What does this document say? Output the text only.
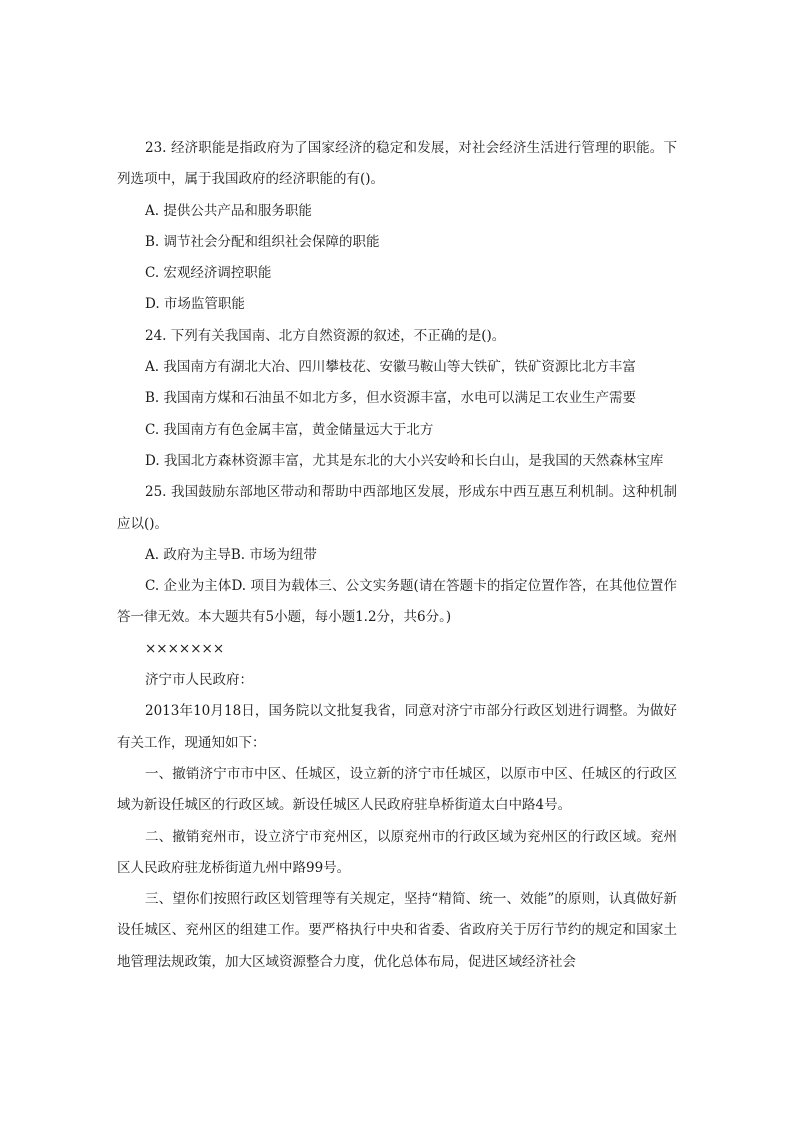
23. 经济职能是指政府为了国家经济的稳定和发展，对社会经济生活进行管理的职能。下列选项中，属于我国政府的经济职能的有()。

A. 提供公共产品和服务职能

B. 调节社会分配和组织社会保障的职能

C. 宏观经济调控职能

D. 市场监管职能

24. 下列有关我国南、北方自然资源的叙述，不正确的是()。

A. 我国南方有湖北大冶、四川攀枝花、安徽马鞍山等大铁矿，铁矿资源比北方丰富

B. 我国南方煤和石油虽不如北方多，但水资源丰富，水电可以满足工农业生产需要

C. 我国南方有色金属丰富，黄金储量远大于北方

D. 我国北方森林资源丰富，尤其是东北的大小兴安岭和长白山，是我国的天然森林宝库

25. 我国鼓励东部地区带动和帮助中西部地区发展，形成东中西互惠互利机制。这种机制应以()。

A. 政府为主导B. 市场为纽带

C. 企业为主体D. 项目为载体三、公文实务题(请在答题卡的指定位置作答，在其他位置作答一律无效。本大题共有5小题，每小题1.2分，共6分。)

×××××××

济宁市人民政府：

2013年10月18日，国务院以文批复我省，同意对济宁市部分行政区划进行调整。为做好有关工作，现通知如下：

一、撤销济宁市市中区、任城区，设立新的济宁市任城区，以原市中区、任城区的行政区域为新设任城区的行政区域。新设任城区人民政府驻阜桥街道太白中路4号。

二、撤销兖州市，设立济宁市兖州区，以原兖州市的行政区域为兖州区的行政区域。兖州区人民政府驻龙桥街道九州中路99号。

三、望你们按照行政区划管理等有关规定，坚持“精简、统一、效能”的原则，认真做好新设任城区、兖州区的组建工作。要严格执行中央和省委、省政府关于厉行节约的规定和国家土地管理法规政策，加大区域资源整合力度，优化总体布局，促进区域经济社会
